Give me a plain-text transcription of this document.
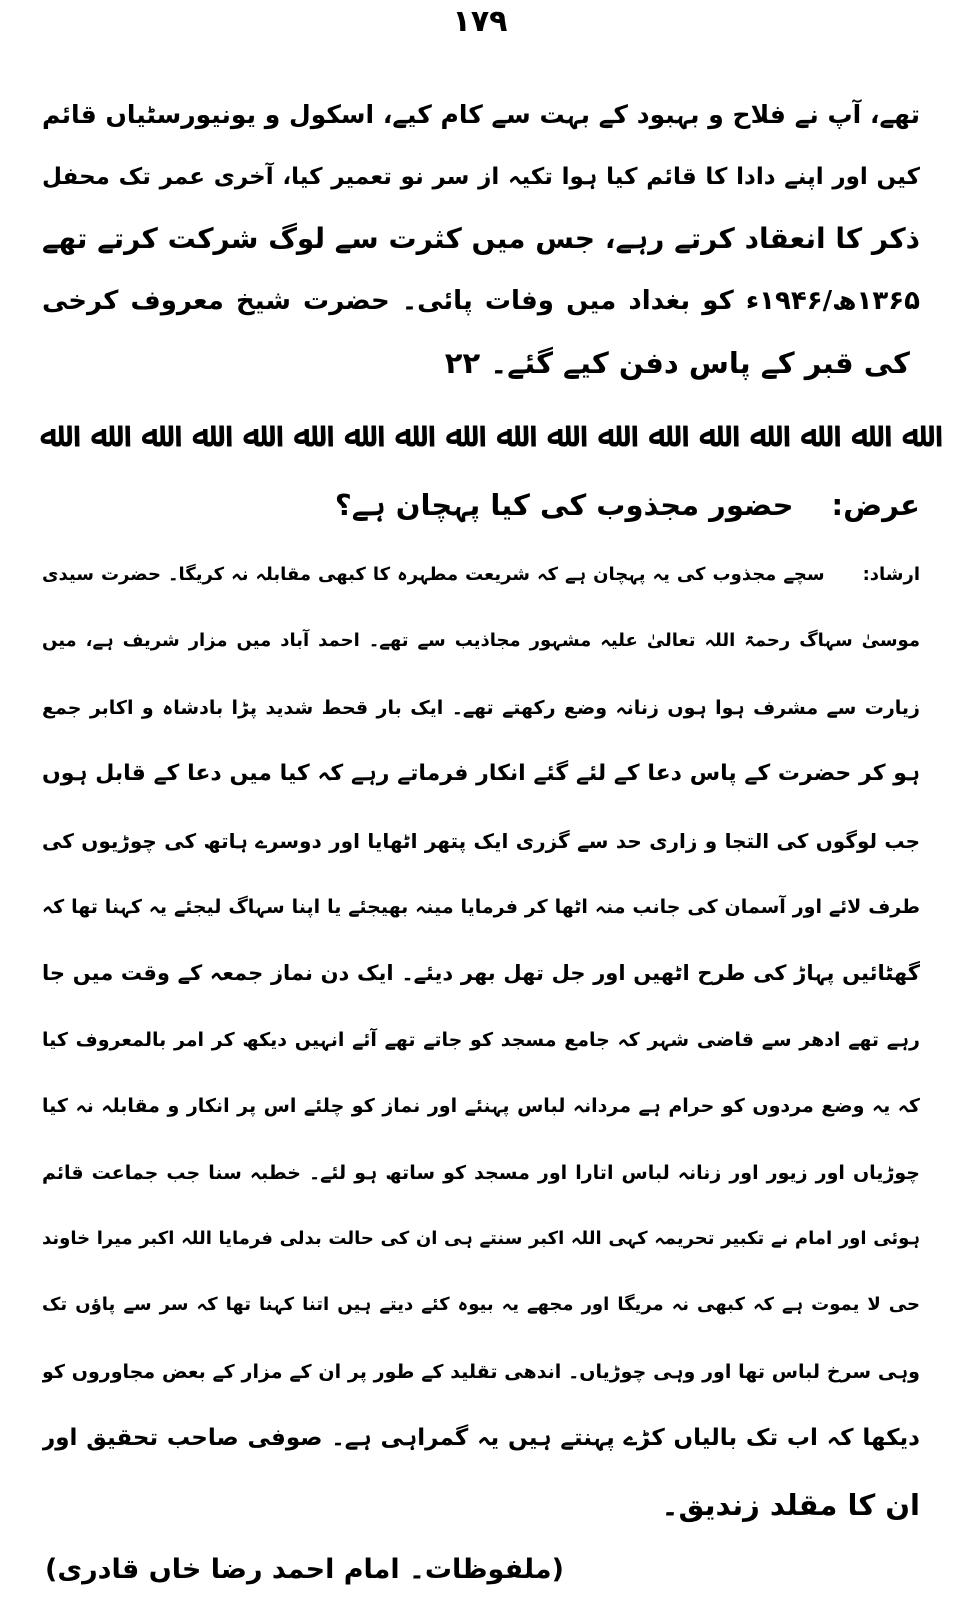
۱۷۹
تھے، آپ نے فلاح و بہبود کے بہت سے کام کیے، اسکول و یونیورسٹیاں قائم
کیں اور اپنے دادا کا قائم کیا ہوا تکیہ از سر نو تعمیر کیا، آخری عمر تک محفل
ذکر کا انعقاد کرتے رہے، جس میں کثرت سے لوگ شرکت کرتے تھے
۱۳۶۵ھ/۱۹۴۶ء کو بغداد میں وفات پائی۔ حضرت شیخ معروف کرخی
ؓ کی قبر کے پاس دفن کیے گئے۔ ۲۲
ﷲ
ﷲ
ﷲ
ﷲ
ﷲ
ﷲ
ﷲ
ﷲ
ﷲ
ﷲ
ﷲ
ﷲ
ﷲ
ﷲ
ﷲ
ﷲ
ﷲ
ﷲ
عرض:حضور مجذوب کی کیا پہچان ہے؟
ارشاد:سچے مجذوب کی یہ پہچان ہے کہ شریعت مطہرہ کا کبھی مقابلہ نہ کریگا۔ حضرت سیدی
موسیٰ سہاگ رحمۃ اللہ تعالیٰ علیہ مشہور مجاذیب سے تھے۔ احمد آباد میں مزار شریف ہے، میں
زیارت سے مشرف ہوا ہوں زنانہ وضع رکھتے تھے۔ ایک بار قحط شدید پڑا بادشاہ و اکابر جمع
ہو کر حضرت کے پاس دعا کے لئے گئے انکار فرماتے رہے کہ کیا میں دعا کے قابل ہوں
جب لوگوں کی التجا و زاری حد سے گزری ایک پتھر اٹھایا اور دوسرے ہاتھ کی چوڑیوں کی
طرف لائے اور آسمان کی جانب منہ اٹھا کر فرمایا مینہ بھیجئے یا اپنا سہاگ لیجئے یہ کہنا تھا کہ
گھٹائیں پہاڑ کی طرح اٹھیں اور جل تھل بھر دیئے۔ ایک دن نماز جمعہ کے وقت میں جا
رہے تھے ادھر سے قاضی شہر کہ جامع مسجد کو جاتے تھے آئے انہیں دیکھ کر امر بالمعروف کیا
کہ یہ وضع مردوں کو حرام ہے مردانہ لباس پہنئے اور نماز کو چلئے اس پر انکار و مقابلہ نہ کیا
چوڑیاں اور زیور اور زنانہ لباس اتارا اور مسجد کو ساتھ ہو لئے۔ خطبہ سنا جب جماعت قائم
ہوئی اور امام نے تکبیر تحریمہ کہی اللہ اکبر سنتے ہی ان کی حالت بدلی فرمایا اللہ اکبر میرا خاوند
حی لا یموت ہے کہ کبھی نہ مریگا اور مجھے یہ بیوہ کئے دیتے ہیں اتنا کہنا تھا کہ سر سے پاؤں تک
وہی سرخ لباس تھا اور وہی چوڑیاں۔ اندھی تقلید کے طور پر ان کے مزار کے بعض مجاوروں کو
دیکھا کہ اب تک بالیاں کڑے پہنتے ہیں یہ گمراہی ہے۔ صوفی صاحب تحقیق اور
ان کا مقلد زندیق۔
(ملفوظات۔ امام احمد رضا خاں قادری)
